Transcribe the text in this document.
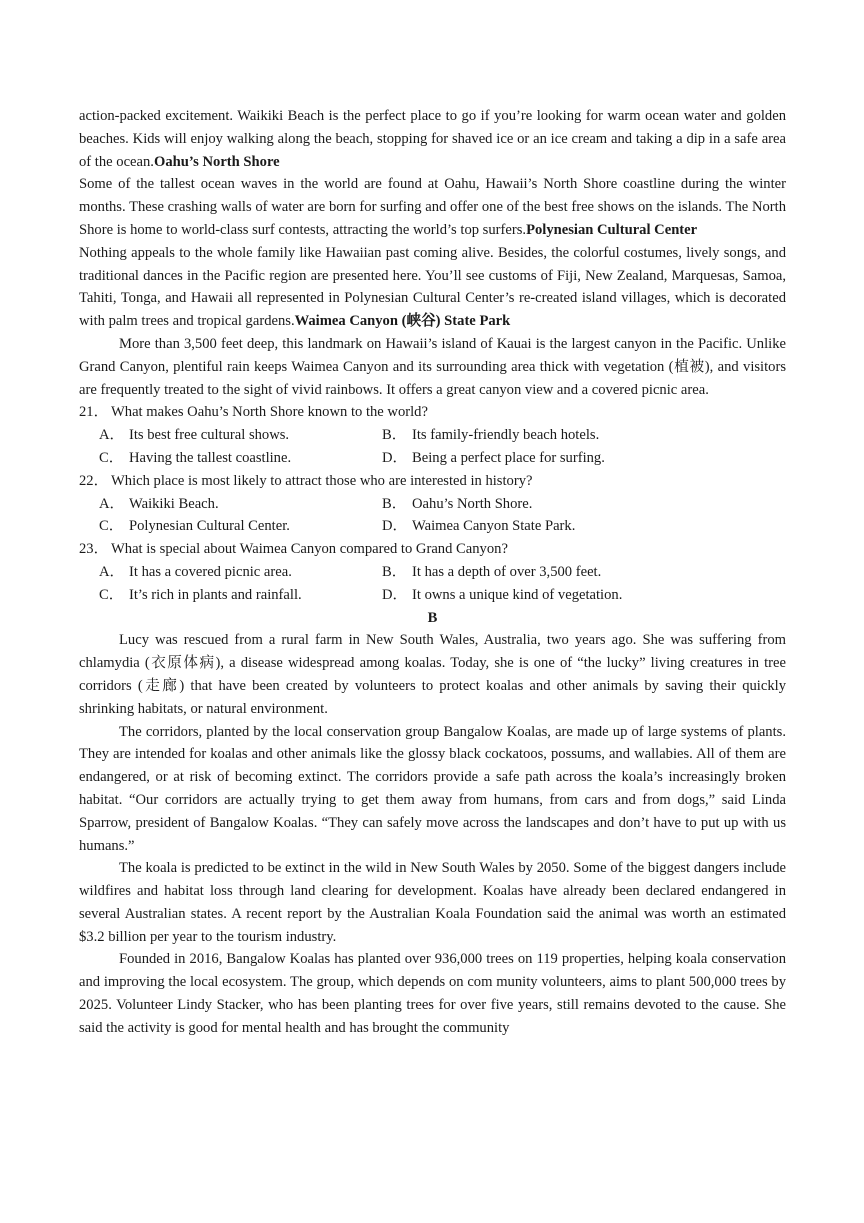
action-packed excitement. Waikiki Beach is the perfect place to go if you’re looking for warm ocean water and golden beaches. Kids will enjoy walking along the beach, stopping for shaved ice or an ice cream and taking a dip in a safe area of the ocean.Oahu’s North Shore

Some of the tallest ocean waves in the world are found at Oahu, Hawaii’s North Shore coastline during the winter months. These crashing walls of water are born for surfing and offer one of the best free shows on the islands. The North Shore is home to world-class surf contests, attracting the world’s top surfers.Polynesian Cultural Center

Nothing appeals to the whole family like Hawaiian past coming alive. Besides, the colorful costumes, lively songs, and traditional dances in the Pacific region are presented here. You’ll see customs of Fiji, New Zealand, Marquesas, Samoa, Tahiti, Tonga, and Hawaii all represented in Polynesian Cultural Center’s re-created island villages, which is decorated with palm trees and tropical gardens.Waimea Canyon (峡谷) State Park

More than 3,500 feet deep, this landmark on Hawaii’s island of Kauai is the largest canyon in the Pacific. Unlike Grand Canyon, plentiful rain keeps Waimea Canyon and its surrounding area thick with vegetation (植被), and visitors are frequently treated to the sight of vivid rainbows. It offers a great canyon view and a covered picnic area.

21． What makes Oahu’s North Shore known to the world?

A． Its best free cultural shows.	B． Its family-friendly beach hotels.
C． Having the tallest coastline.	D． Being a perfect place for surfing.

22． Which place is most likely to attract those who are interested in history?

A． Waikiki Beach.	B． Oahu’s North Shore.
C． Polynesian Cultural Center.	D． Waimea Canyon State Park.

23． What is special about Waimea Canyon compared to Grand Canyon?

A． It has a covered picnic area.	B． It has a depth of over 3,500 feet.
C． It’s rich in plants and rainfall.	D． It owns a unique kind of vegetation.

B

Lucy was rescued from a rural farm in New South Wales, Australia, two years ago. She was suffering from chlamydia (衣原体病), a disease widespread among koalas. Today, she is one of “the lucky” living creatures in tree corridors (走廊) that have been created by volunteers to protect koalas and other animals by saving their quickly shrinking habitats, or natural environment.

The corridors, planted by the local conservation group Bangalow Koalas, are made up of large systems of plants. They are intended for koalas and other animals like the glossy black cockatoos, possums, and wallabies. All of them are endangered, or at risk of becoming extinct. The corridors provide a safe path across the koala’s increasingly broken habitat. “Our corridors are actually trying to get them away from humans, from cars and from dogs,” said Linda Sparrow, president of Bangalow Koalas. “They can safely move across the landscapes and don’t have to put up with us humans.”

The koala is predicted to be extinct in the wild in New South Wales by 2050. Some of the biggest dangers include wildfires and habitat loss through land clearing for development. Koalas have already been declared endangered in several Australian states. A recent report by the Australian Koala Foundation said the animal was worth an estimated $3.2 billion per year to the tourism industry.

Founded in 2016, Bangalow Koalas has planted over 936,000 trees on 119 properties, helping koala conservation and improving the local ecosystem. The group, which depends on com munity volunteers, aims to plant 500,000 trees by 2025. Volunteer Lindy Stacker, who has been planting trees for over five years, still remains devoted to the cause. She said the activity is good for mental health and has brought the community
